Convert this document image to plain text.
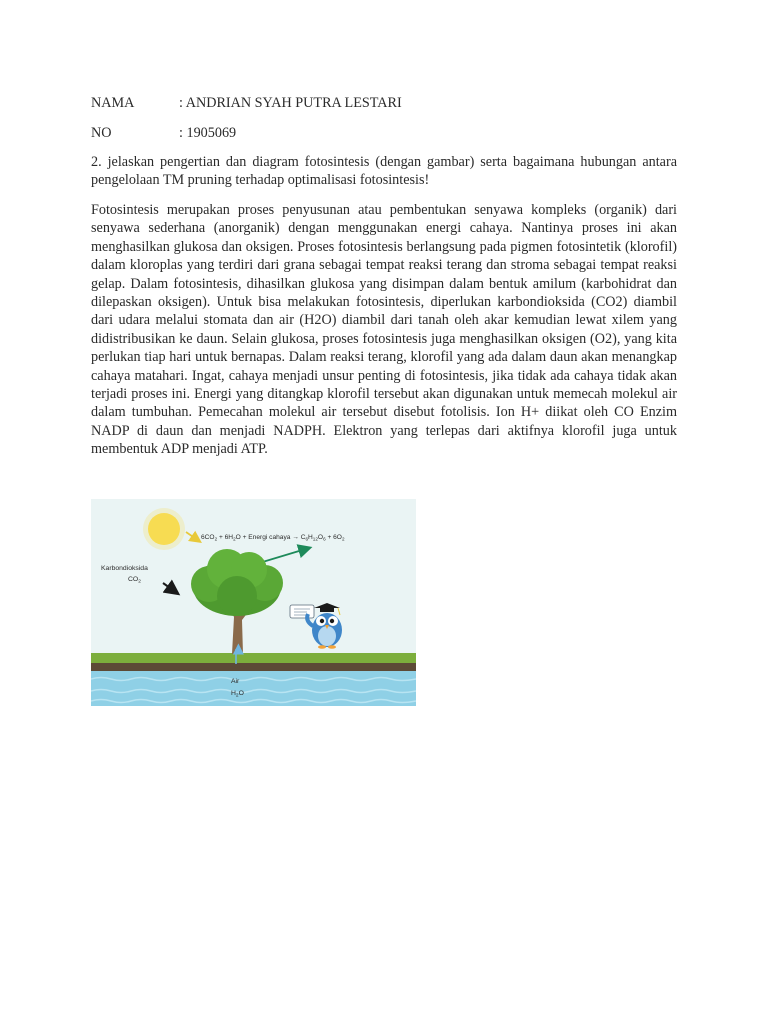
NAMA	: ANDRIAN SYAH PUTRA LESTARI
NO	: 1905069

2. jelaskan pengertian dan diagram fotosintesis (dengan gambar) serta bagaimana hubungan antara pengelolaan TM pruning terhadap optimalisasi fotosintesis!

Fotosintesis merupakan proses penyusunan atau pembentukan senyawa kompleks (organik) dari senyawa sederhana (anorganik) dengan menggunakan energi cahaya. Nantinya proses ini akan menghasilkan glukosa dan oksigen. Proses fotosintesis berlangsung pada pigmen fotosintetik (klorofil) dalam kloroplas yang terdiri dari grana sebagai tempat reaksi terang dan stroma sebagai tempat reaksi gelap. Dalam fotosintesis, dihasilkan glukosa yang disimpan dalam bentuk amilum (karbohidrat dan dilepaskan oksigen). Untuk bisa melakukan fotosintesis, diperlukan karbondioksida (CO2) diambil dari udara melalui stomata dan air (H2O) diambil dari tanah oleh akar kemudian lewat xilem yang didistribusikan ke daun. Selain glukosa, proses fotosintesis juga menghasilkan oksigen (O2), yang kita perlukan tiap hari untuk bernapas. Dalam reaksi terang, klorofil yang ada dalam daun akan menangkap cahaya matahari. Ingat, cahaya menjadi unsur penting di fotosintesis, jika tidak ada cahaya tidak akan terjadi proses ini. Energi yang ditangkap klorofil tersebut akan digunakan untuk memecah molekul air dalam tumbuhan. Pemecahan molekul air tersebut disebut fotolisis. Ion H+ diikat oleh CO Enzim NADP di daun dan menjadi NADPH. Elektron yang terlepas dari aktifnya klorofil juga untuk membentuk ADP menjadi ATP.

$6CO_2 + 6H_2O$ + Energi cahaya → $C_6H_{12}O_6 + 6O_2$
Karbondioksida
$CO_2$
Air
$H_2O$
